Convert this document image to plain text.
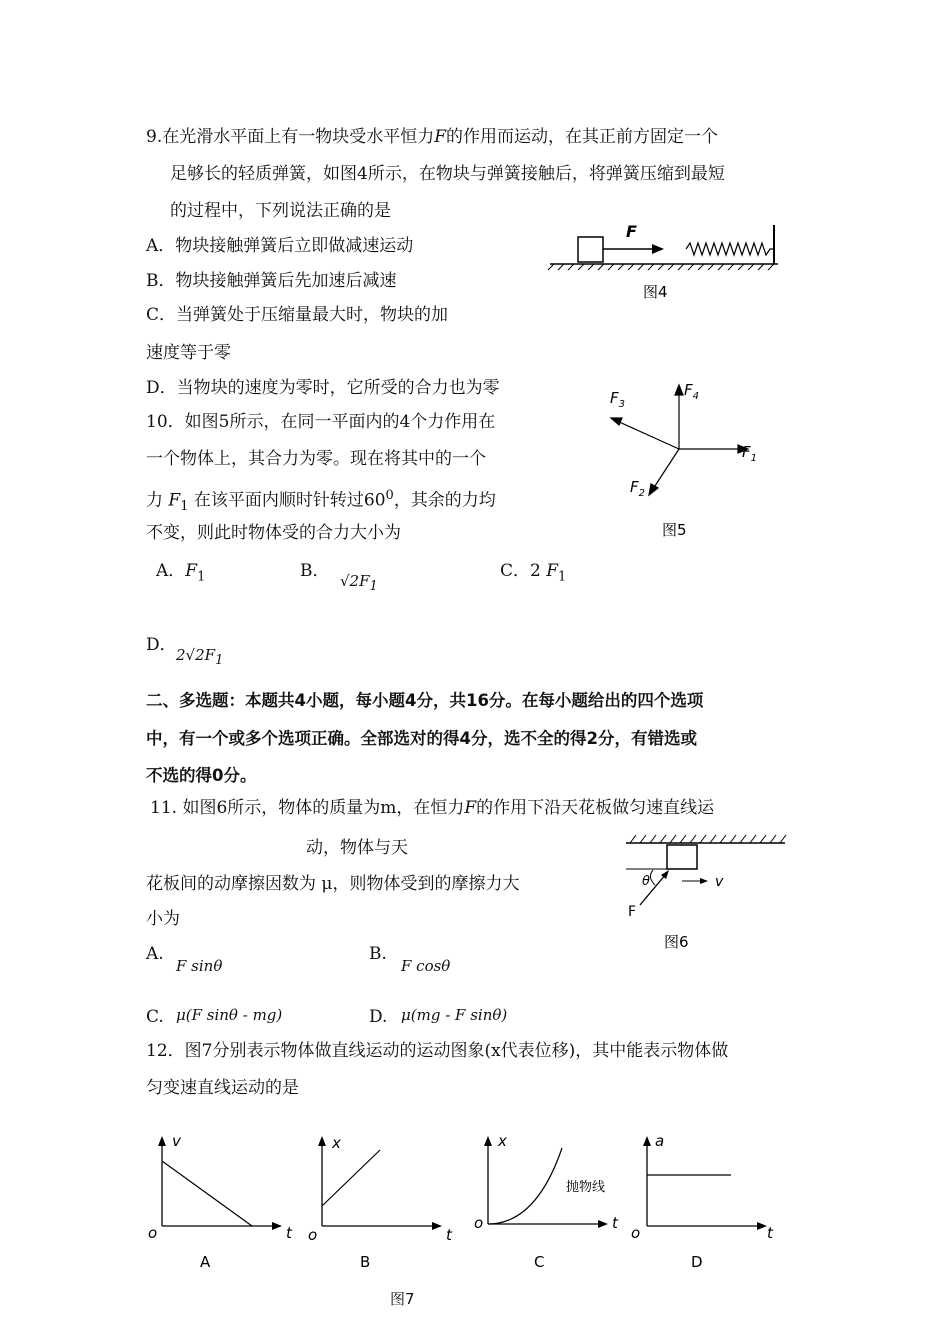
9.在光滑水平面上有一物块受水平恒力F的作用而运动，在其正前方固定一个
足够长的轻质弹簧，如图4所示，在物块与弹簧接触后，将弹簧压缩到最短
的过程中，下列说法正确的是
A．物块接触弹簧后立即做减速运动
B．物块接触弹簧后先加速后减速
C．当弹簧处于压缩量最大时，物块的加
速度等于零
D．当物块的速度为零时，它所受的合力也为零
F
图4
10．如图5所示，在同一平面内的4个力作用在
一个物体上，其合力为零。现在将其中的一个
力 $F_1$ 在该平面内顺时针转过$60^0$，其余的力均
不变，则此时物体受的合力大小为
A．$F_1$	B． $√2F_1$
C．2 $F_1$
D． $2√2F_1$
$F_1$
$F_4$
$F_3$
$F_2$
图5
二、多选题：本题共4小题，每小题4分，共16分。在每小题给出的四个选项
中，有一个或多个选项正确。全部选对的得4分，选不全的得2分，有错选或
不选的得0分。
11. 如图6所示，物体的质量为m，在恒力F的作用下沿天花板做匀速直线运
动，物体与天
花板间的动摩擦因数为 μ，则物体受到的摩擦力大
小为
A.
F sinθ
B.
F cosθ
C. μ(F sinθ - mg)	D. μ(mg - F sinθ)
θ	v
F
图6
12．图7分别表示物体做直线运动的运动图象(x代表位移)，其中能表示物体做
匀变速直线运动的是
v
t
o
A
x
t
o
B
x
t
o
抛物线
C
a
t
o
D
图7
